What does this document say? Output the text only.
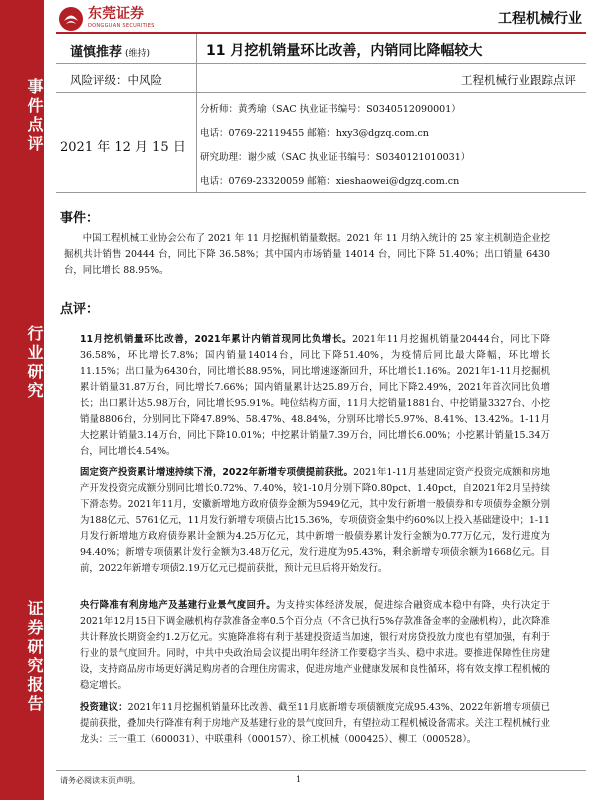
事件点评
行业研究
证券研究报告
东莞证券
DONGGUAN SECURITIES	工程机械行业
谨慎推荐 (维持)	11 月挖机销量环比改善，内销同比降幅较大
风险评级：中风险	工程机械行业跟踪点评
2021 年 12 月 15 日
分析师：黄秀瑜（SAC 执业证书编号：S0340512090001）
电话：0769-22119455 邮箱：hxy3@dgzq.com.cn
研究助理：谢少威（SAC 执业证书编号：S0340121010031）
电话：0769-23320059 邮箱：xieshaowei@dgzq.com.cn
事件：
中国工程机械工业协会公布了 2021 年 11 月挖掘机销量数据。2021 年 11 月纳入统计的 25 家主机制造企业挖掘机共计销售 20444 台，同比下降 36.58%；其中国内市场销量 14014 台，同比下降 51.40%；出口销量 6430 台，同比增长 88.95%。
点评：
11月挖机销量环比改善，2021年累计内销首现同比负增长。2021年11月挖掘机销量20444台，同比下降36.58%，环比增长7.8%；国内销量14014台，同比下降51.40%，为疫情后同比最大降幅，环比增长11.15%；出口量为6430台，同比增长88.95%，同比增速逐渐回升，环比增长1.16%。2021年1-11月挖掘机累计销量31.87万台，同比增长7.66%；国内销量累计达25.89万台，同比下降2.49%，2021年首次同比负增长；出口累计达5.98万台，同比增长95.91%。吨位结构方面，11月大挖销量1881台、中挖销量3327台、小挖销量8806台，分别同比下降47.89%、58.47%、48.84%，分别环比增长5.97%、8.41%、13.42%。1-11月大挖累计销量3.14万台，同比下降10.01%；中挖累计销量7.39万台，同比增长6.00%；小挖累计销量15.34万台，同比增长4.54%。
固定资产投资累计增速持续下滑，2022年新增专项债提前获批。2021年1-11月基建固定资产投资完成额和房地产开发投资完成额分别同比增长0.72%、7.40%，较1-10月分别下降0.80pct、1.40pct，自2021年2月呈持续下滑态势。2021年11月，安徽新增地方政府债券金额为5949亿元，其中发行新增一般债券和专项债券金额分别为188亿元、5761亿元，11月发行新增专项债占比15.36%，专项债资金集中约60%以上投入基础建设中；1-11月发行新增地方政府债券累计金额为4.25万亿元，其中新增一般债券累计发行金额为0.77万亿元，发行进度为94.40%；新增专项债累计发行金额为3.48万亿元，发行进度为95.43%，剩余新增专项债余额为1668亿元。目前，2022年新增专项债2.19万亿元已提前获批，预计元旦后将开始发行。
央行降准有利房地产及基建行业景气度回升。为支持实体经济发展，促进综合融资成本稳中有降，央行决定于2021年12月15日下调金融机构存款准备金率0.5个百分点（不含已执行5%存款准备金率的金融机构），此次降准共计释放长期资金约1.2万亿元。实施降准将有利于基建投资适当加速，银行对房贷投放力度也有望加强，有利于行业的景气度回升。同时，中共中央政治局会议提出明年经济工作要稳字当头、稳中求进。要推进保障性住房建设，支持商品房市场更好满足购房者的合理住房需求，促进房地产业健康发展和良性循环，将有效支撑工程机械的稳定增长。
投资建议：2021年11月挖掘机销量环比改善、截至11月底新增专项债额度完成95.43%、2022年新增专项债已提前获批，叠加央行降准有利于房地产及基建行业的景气度回升，有望拉动工程机械设备需求。关注工程机械行业龙头：三一重工（600031）、中联重科（000157）、徐工机械（000425）、柳工（000528）。
请务必阅读末页声明。	1
